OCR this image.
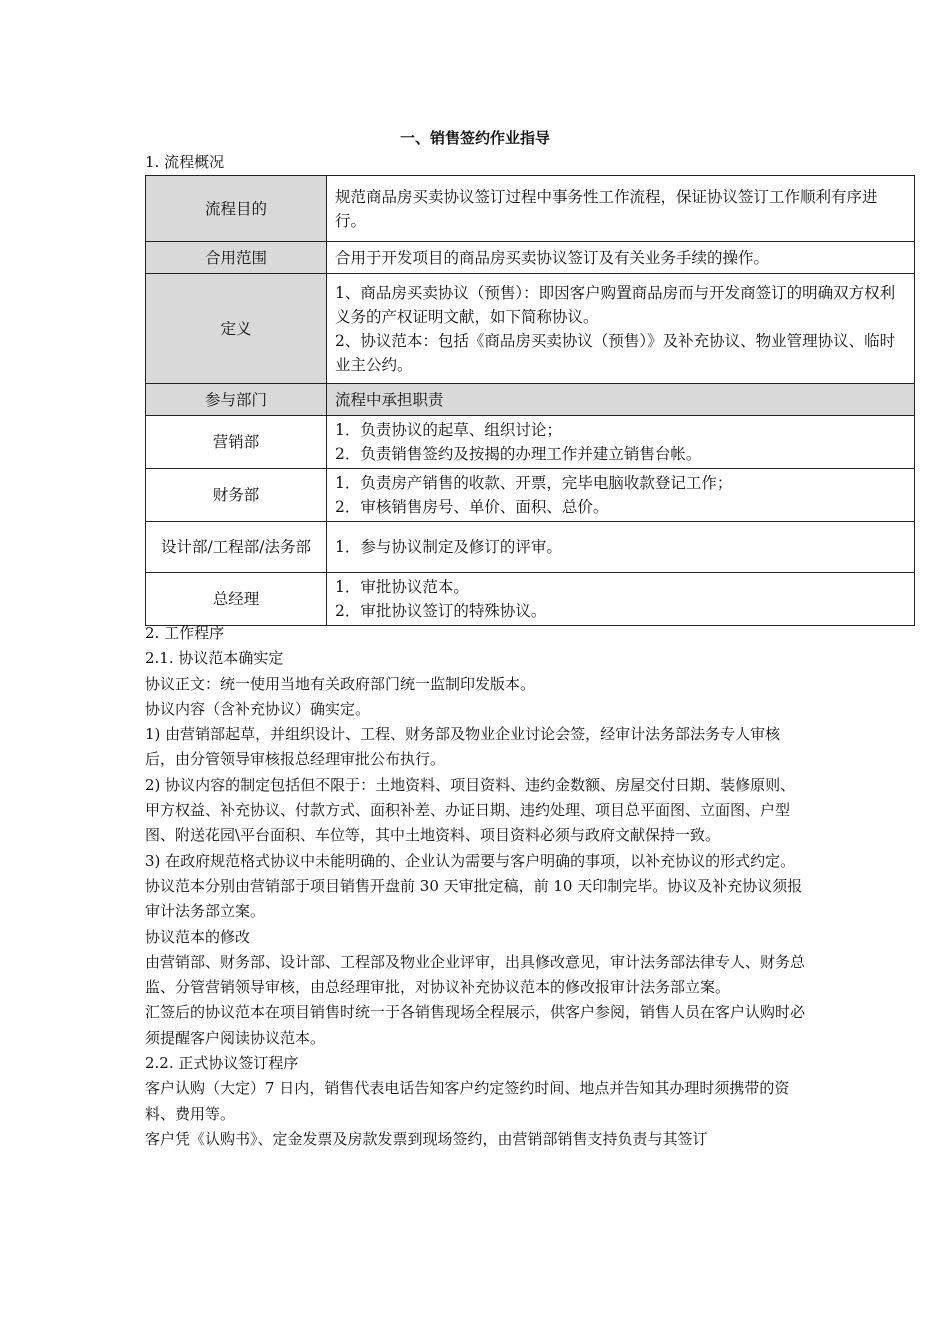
一、销售签约作业指导
1. 流程概况
流程目的	规范商品房买卖协议签订过程中事务性工作流程，保证协议签订工作顺利有序进行。
合用范围	合用于开发项目的商品房买卖协议签订及有关业务手续的操作。
定义	1、商品房买卖协议（预售）：即因客户购置商品房而与开发商签订的明确双方权利义务的产权证明文献，如下简称协议。
2、协议范本：包括《商品房买卖协议（预售）》及补充协议、物业管理协议、临时业主公约。

参与部门	流程中承担职责
营销部	1．负责协议的起草、组织讨论；
2．负责销售签约及按揭的办理工作并建立销售台帐。

财务部	1．负责房产销售的收款、开票，完毕电脑收款登记工作；
2．审核销售房号、单价、面积、总价。

设计部/工程部/法务部	1．参与协议制定及修订的评审。

总经理	1．审批协议范本。
2．审批协议签订的特殊协议。

2. 工作程序

2.1. 协议范本确实定

协议正文：统一使用当地有关政府部门统一监制印发版本。

协议内容（含补充协议）确实定。

1) 由营销部起草，并组织设计、工程、财务部及物业企业讨论会签，经审计法务部法务专人审核后，由分管领导审核报总经理审批公布执行。

2) 协议内容的制定包括但不限于：土地资料、项目资料、违约金数额、房屋交付日期、装修原则、甲方权益、补充协议、付款方式、面积补差、办证日期、违约处理、项目总平面图、立面图、户型图、附送花园\平台面积、车位等，其中土地资料、项目资料必须与政府文献保持一致。

3) 在政府规范格式协议中未能明确的、企业认为需要与客户明确的事项，以补充协议的形式约定。

协议范本分别由营销部于项目销售开盘前 30 天审批定稿，前 10 天印制完毕。协议及补充协议须报审计法务部立案。

协议范本的修改

由营销部、财务部、设计部、工程部及物业企业评审，出具修改意见，审计法务部法律专人、财务总监、分管营销领导审核，由总经理审批，对协议补充协议范本的修改报审计法务部立案。

汇签后的协议范本在项目销售时统一于各销售现场全程展示，供客户参阅，销售人员在客户认购时必须提醒客户阅读协议范本。

2.2. 正式协议签订程序

客户认购（大定）7 日内，销售代表电话告知客户约定签约时间、地点并告知其办理时须携带的资料、费用等。

客户凭《认购书》、定金发票及房款发票到现场签约，由营销部销售支持负责与其签订
